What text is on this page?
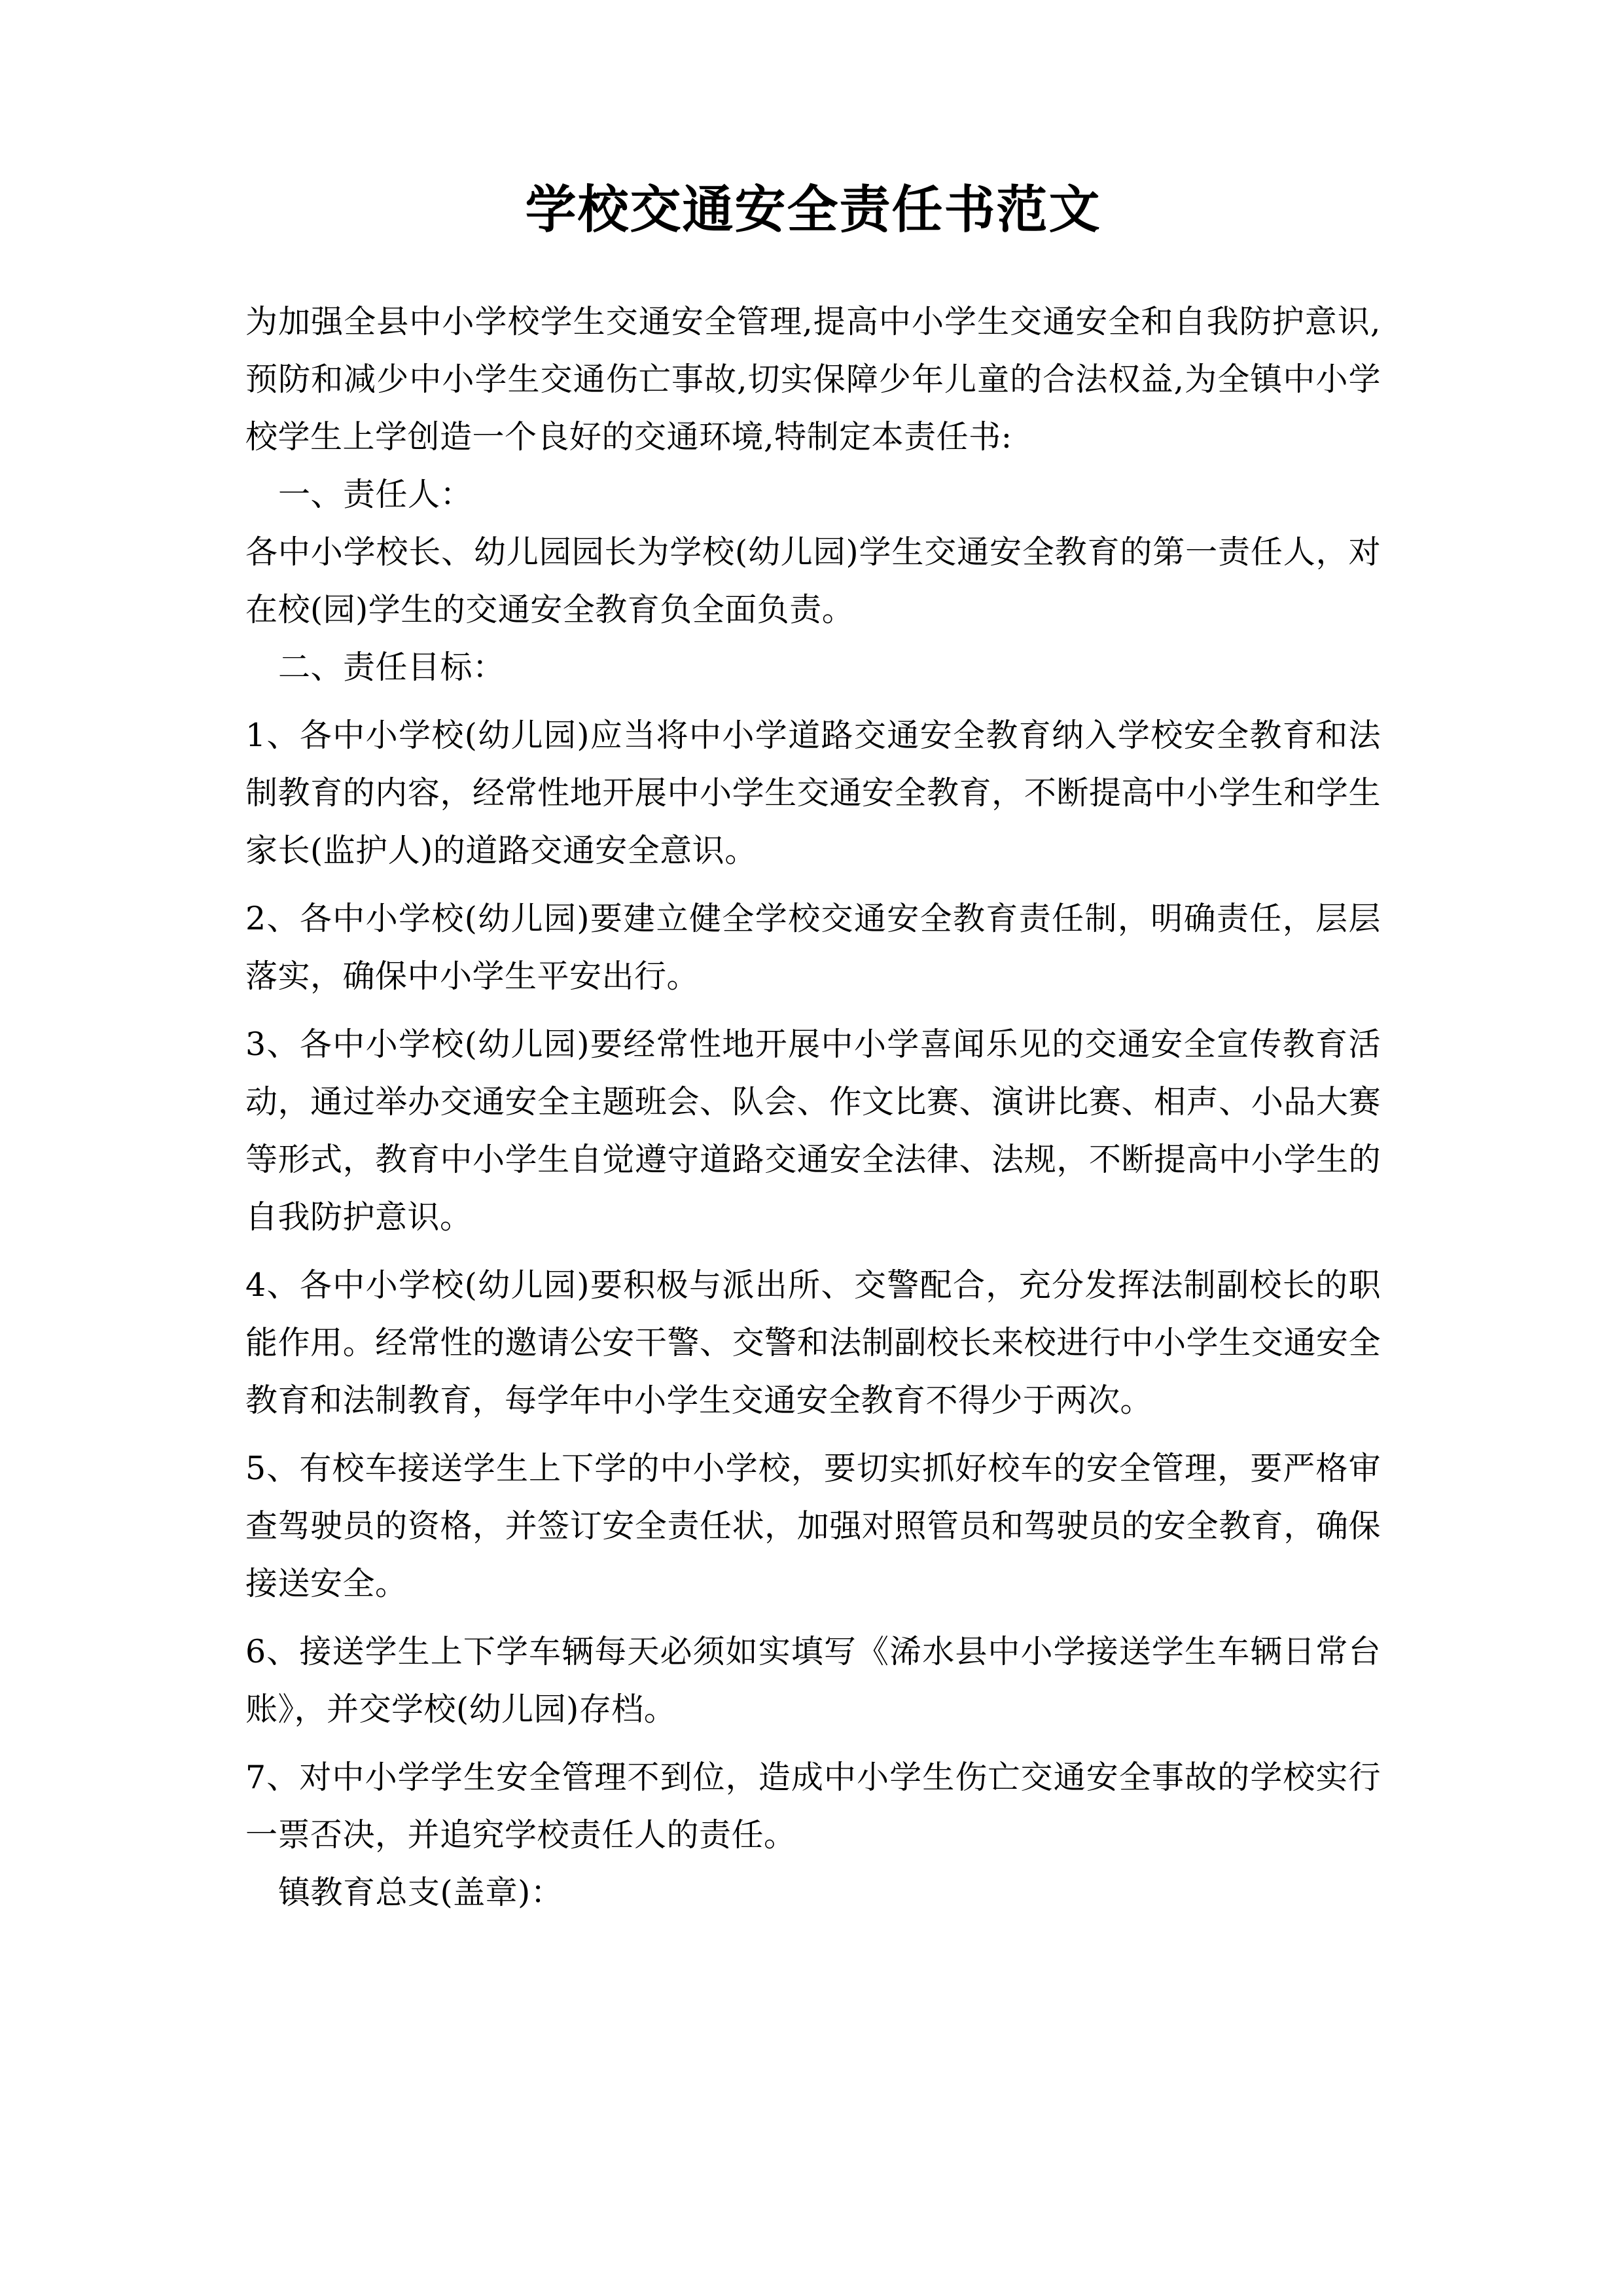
学校交通安全责任书范文

为加强全县中小学校学生交通安全管理,提高中小学生交通安全和自我防护意识,预防和减少中小学生交通伤亡事故,切实保障少年儿童的合法权益,为全镇中小学校学生上学创造一个良好的交通环境,特制定本责任书:

一、责任人：

各中小学校长、幼儿园园长为学校(幼儿园)学生交通安全教育的第一责任人，对在校(园)学生的交通安全教育负全面负责。

二、责任目标：

1、各中小学校(幼儿园)应当将中小学道路交通安全教育纳入学校安全教育和法制教育的内容，经常性地开展中小学生交通安全教育，不断提高中小学生和学生家长(监护人)的道路交通安全意识。

2、各中小学校(幼儿园)要建立健全学校交通安全教育责任制，明确责任，层层落实，确保中小学生平安出行。

3、各中小学校(幼儿园)要经常性地开展中小学喜闻乐见的交通安全宣传教育活动，通过举办交通安全主题班会、队会、作文比赛、演讲比赛、相声、小品大赛等形式，教育中小学生自觉遵守道路交通安全法律、法规，不断提高中小学生的自我防护意识。

4、各中小学校(幼儿园)要积极与派出所、交警配合，充分发挥法制副校长的职能作用。经常性的邀请公安干警、交警和法制副校长来校进行中小学生交通安全教育和法制教育，每学年中小学生交通安全教育不得少于两次。

5、有校车接送学生上下学的中小学校，要切实抓好校车的安全管理，要严格审查驾驶员的资格，并签订安全责任状，加强对照管员和驾驶员的安全教育，确保接送安全。

6、接送学生上下学车辆每天必须如实填写《浠水县中小学接送学生车辆日常台账》，并交学校(幼儿园)存档。

7、对中小学学生安全管理不到位，造成中小学生伤亡交通安全事故的学校实行一票否决，并追究学校责任人的责任。

镇教育总支(盖章)：
